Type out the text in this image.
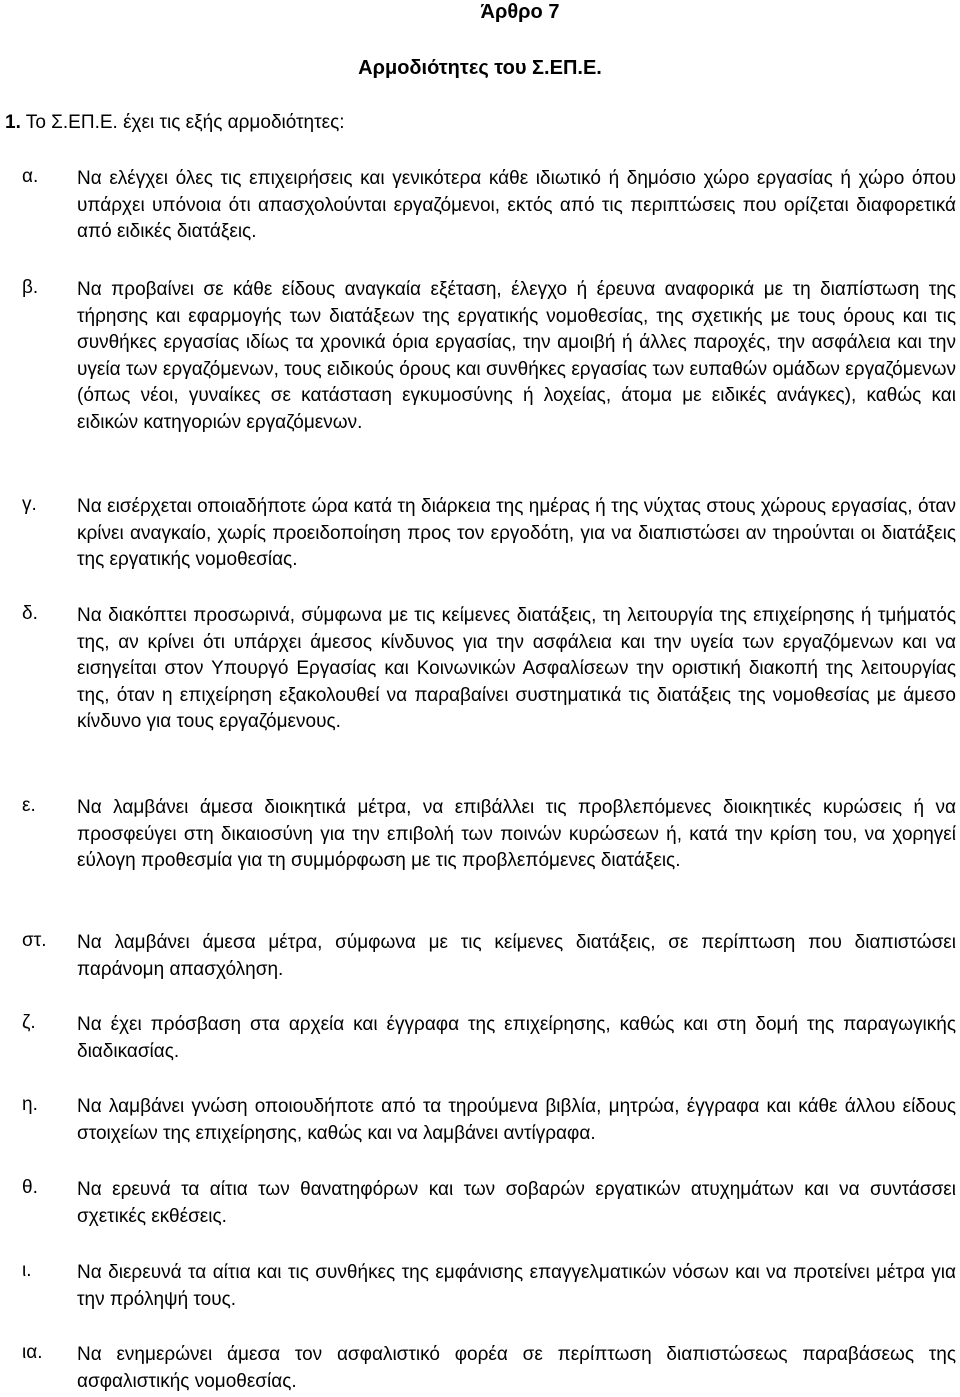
Άρθρο 7
Αρμοδιότητες του Σ.ΕΠ.Ε.
1. Το Σ.ΕΠ.Ε. έχει τις εξής αρμοδιότητες:
α.	Να ελέγχει όλες τις επιχειρήσεις και γενικότερα κάθε ιδιωτικό ή δημόσιο χώρο εργασίας ή χώρο όπου υπάρχει υπόνοια ότι απασχολούνται εργαζόμενοι, εκτός από τις περιπτώσεις που ορίζεται διαφορετικά από ειδικές διατάξεις.
β.	Να προβαίνει σε κάθε είδους αναγκαία εξέταση, έλεγχο ή έρευνα αναφορικά με τη διαπίστωση της τήρησης και εφαρμογής των διατάξεων της εργατικής νομοθεσίας, της σχετικής με τους όρους και τις συνθήκες εργασίας ιδίως τα χρονικά όρια εργασίας, την αμοιβή ή άλλες παροχές, την ασφάλεια και την υγεία των εργαζόμενων, τους ειδικούς όρους και συνθήκες εργασίας των ευπαθών ομάδων εργαζόμενων (όπως νέοι, γυναίκες σε κατάσταση εγκυμοσύνης ή λοχείας, άτομα με ειδικές ανάγκες), καθώς και ειδικών κατηγοριών εργαζόμενων.
γ.	Να εισέρχεται οποιαδήποτε ώρα κατά τη διάρκεια της ημέρας ή της νύχτας στους χώρους εργασίας, όταν κρίνει αναγκαίο, χωρίς προειδοποίηση προς τον εργοδότη, για να διαπιστώσει αν τηρούνται οι διατάξεις της εργατικής νομοθεσίας.
δ.	Να διακόπτει προσωρινά, σύμφωνα με τις κείμενες διατάξεις, τη λειτουργία της επιχείρησης ή τμήματός της, αν κρίνει ότι υπάρχει άμεσος κίνδυνος για την ασφάλεια και την υγεία των εργαζόμενων και να εισηγείται στον Υπουργό Εργασίας και Κοινωνικών Ασφαλίσεων την οριστική διακοπή της λειτουργίας της, όταν η επιχείρηση εξακολουθεί να παραβαίνει συστηματικά τις διατάξεις της νομοθεσίας με άμεσο κίνδυνο για τους εργαζόμενους.
ε.	Να λαμβάνει άμεσα διοικητικά μέτρα, να επιβάλλει τις προβλεπόμενες διοικητικές κυρώσεις ή να προσφεύγει στη δικαιοσύνη για την επιβολή των ποινών κυρώσεων ή, κατά την κρίση του, να χορηγεί εύλογη προθεσμία για τη συμμόρφωση με τις προβλεπόμενες διατάξεις.
στ.	Να λαμβάνει άμεσα μέτρα, σύμφωνα με τις κείμενες διατάξεις, σε περίπτωση που διαπιστώσει παράνομη απασχόληση.
ζ.	Να έχει πρόσβαση στα αρχεία και έγγραφα της επιχείρησης, καθώς και στη δομή της παραγωγικής διαδικασίας.
η.	Να λαμβάνει γνώση οποιουδήποτε από τα τηρούμενα βιβλία, μητρώα, έγγραφα και κάθε άλλου είδους στοιχείων της επιχείρησης, καθώς και να λαμβάνει αντίγραφα.
θ.	Να ερευνά τα αίτια των θανατηφόρων και των σοβαρών εργατικών ατυχημάτων και να συντάσσει σχετικές εκθέσεις.
ι.	Να διερευνά τα αίτια και τις συνθήκες της εμφάνισης επαγγελματικών νόσων και να προτείνει μέτρα για την πρόληψή τους.
ια.	Να ενημερώνει άμεσα τον ασφαλιστικό φορέα σε περίπτωση διαπιστώσεως παραβάσεως της ασφαλιστικής νομοθεσίας.
